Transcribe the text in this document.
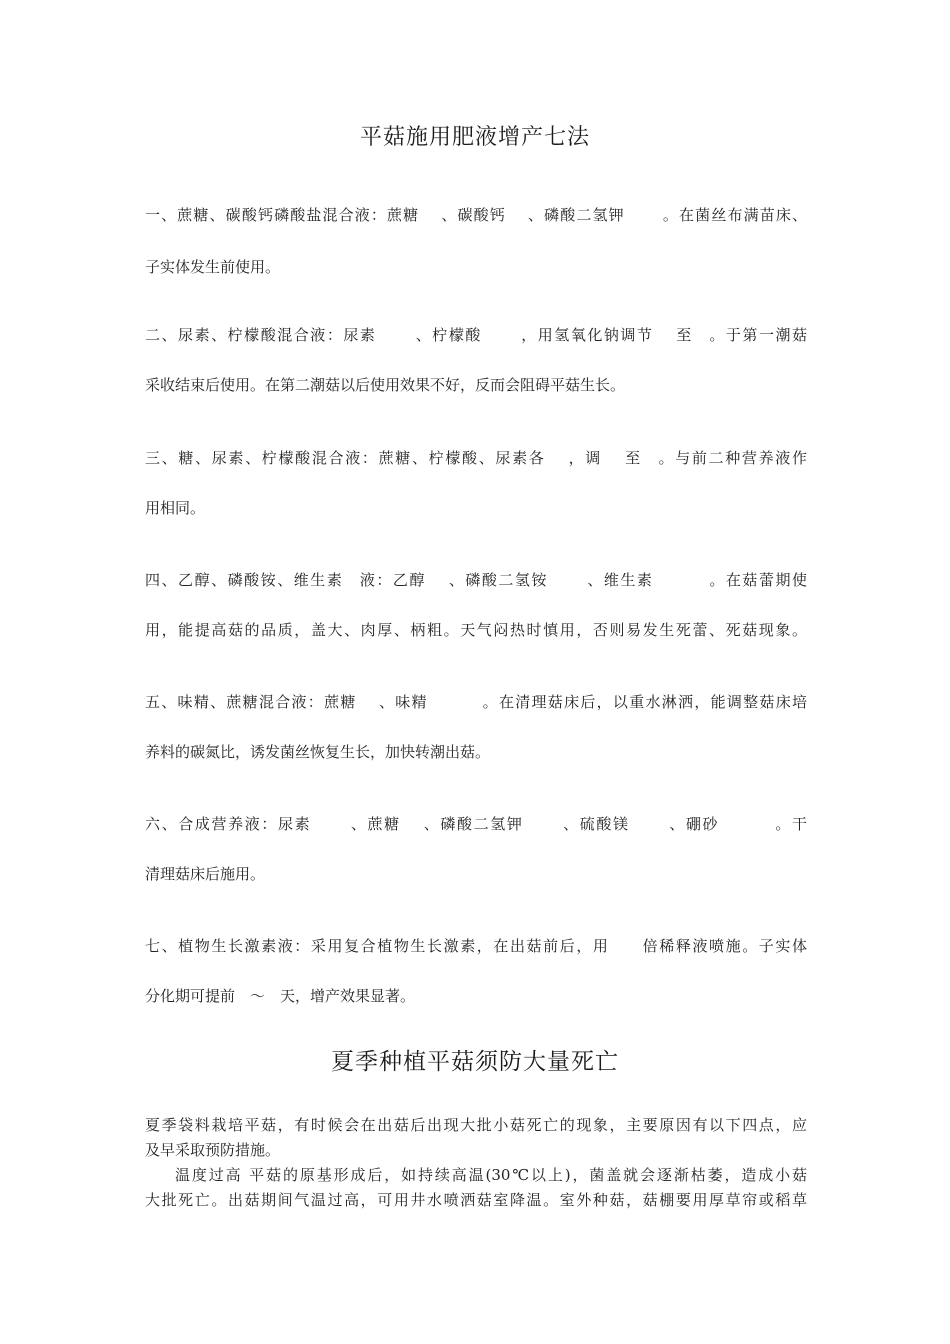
平菇施用肥液增产七法
一、蔗糖、碳酸钙磷酸盐混合液：蔗糖　 、碳酸钙　 、磷酸二氢钾　　 。在菌丝布满苗床、
子实体发生前使用。
二、尿素、柠檬酸混合液：尿素　　 、柠檬酸　　 ，用氢氧化钠调节　 至　。于第一潮菇
采收结束后使用。在第二潮菇以后使用效果不好，反而会阻碍平菇生长。
三、糖、尿素、柠檬酸混合液：蔗糖、柠檬酸、尿素各　 ，调　 至　。与前二种营养液作
用相同。
四、乙醇、磷酸铵、维生素　液：乙醇　 、磷酸二氢铵　　 、维生素　　　 。在菇蕾期使
用，能提高菇的品质，盖大、肉厚、柄粗。天气闷热时慎用，否则易发生死蕾、死菇现象。
五、味精、蔗糖混合液：蔗糖　 、味精　　　 。在清理菇床后，以重水淋洒，能调整菇床培
养料的碳氮比，诱发菌丝恢复生长，加快转潮出菇。
六、合成营养液：尿素　　 、蔗糖　 、磷酸二氢钾　　 、硫酸镁　　 、硼砂　　　 。干
清理菇床后施用。
七、植物生长激素液：采用复合植物生长激素，在出菇前后，用　　倍稀释液喷施。子实体
分化期可提前　～　天，增产效果显著。
夏季种植平菇须防大量死亡
夏季袋料栽培平菇，有时候会在出菇后出现大批小菇死亡的现象，主要原因有以下四点，应
及早采取预防措施。
温度过高 平菇的原基形成后，如持续高温(30℃以上)，菌盖就会逐渐枯萎，造成小菇
大批死亡。出菇期间气温过高，可用井水喷洒菇室降温。室外种菇，菇棚要用厚草帘或稻草
